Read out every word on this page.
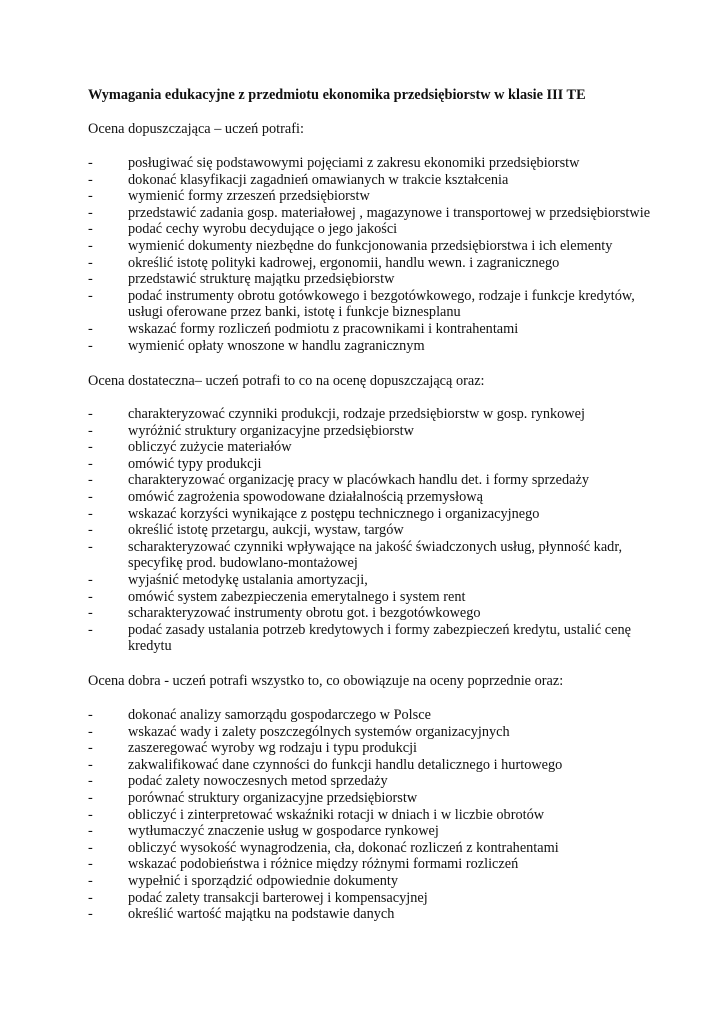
Wymagania edukacyjne z przedmiotu ekonomika przedsiębiorstw w klasie III TE
Ocena dopuszczająca – uczeń potrafi:
- posługiwać się podstawowymi pojęciami z zakresu ekonomiki przedsiębiorstw
- dokonać klasyfikacji zagadnień omawianych w trakcie kształcenia
- wymienić formy zrzeszeń przedsiębiorstw
- przedstawić zadania gosp. materiałowej , magazynowe i transportowej w przedsiębiorstwie
- podać cechy wyrobu decydujące o jego jakości
- wymienić dokumenty niezbędne do funkcjonowania przedsiębiorstwa i ich elementy
- określić istotę polityki kadrowej, ergonomii, handlu wewn. i zagranicznego
- przedstawić strukturę majątku przedsiębiorstw
- podać instrumenty obrotu gotówkowego i bezgotówkowego, rodzaje i funkcje kredytów,
usługi oferowane przez banki, istotę i funkcje biznesplanu
- wskazać formy rozliczeń podmiotu z pracownikami i kontrahentami
- wymienić opłaty wnoszone w handlu zagranicznym
Ocena dostateczna– uczeń potrafi to co na ocenę dopuszczającą oraz:
- charakteryzować czynniki produkcji, rodzaje przedsiębiorstw w gosp. rynkowej
- wyróżnić struktury organizacyjne przedsiębiorstw
- obliczyć zużycie materiałów
- omówić typy produkcji
- charakteryzować organizację pracy w placówkach handlu det. i formy sprzedaży
- omówić zagrożenia spowodowane działalnością przemysłową
- wskazać korzyści wynikające z postępu technicznego i organizacyjnego
- określić istotę przetargu, aukcji, wystaw, targów
- scharakteryzować czynniki wpływające na jakość świadczonych usług, płynność kadr,
specyfikę prod. budowlano-montażowej
- wyjaśnić metodykę ustalania amortyzacji,
- omówić system zabezpieczenia emerytalnego i system rent
- scharakteryzować instrumenty obrotu got. i bezgotówkowego
- podać zasady ustalania potrzeb kredytowych i formy zabezpieczeń kredytu, ustalić cenę
kredytu
Ocena dobra - uczeń potrafi wszystko to, co obowiązuje na oceny poprzednie oraz:
- dokonać analizy samorządu gospodarczego w Polsce
- wskazać wady i zalety poszczególnych systemów organizacyjnych
- zaszeregować wyroby wg rodzaju i typu produkcji
- zakwalifikować dane czynności do funkcji handlu detalicznego i hurtowego
- podać zalety nowoczesnych metod sprzedaży
- porównać struktury organizacyjne przedsiębiorstw
- obliczyć i zinterpretować wskaźniki rotacji w dniach i w liczbie obrotów
- wytłumaczyć znaczenie usług w gospodarce rynkowej
- obliczyć wysokość wynagrodzenia, cła, dokonać rozliczeń z kontrahentami
- wskazać podobieństwa i różnice między różnymi formami rozliczeń
- wypełnić i sporządzić odpowiednie dokumenty
- podać zalety transakcji barterowej i kompensacyjnej
- określić wartość majątku na podstawie danych
